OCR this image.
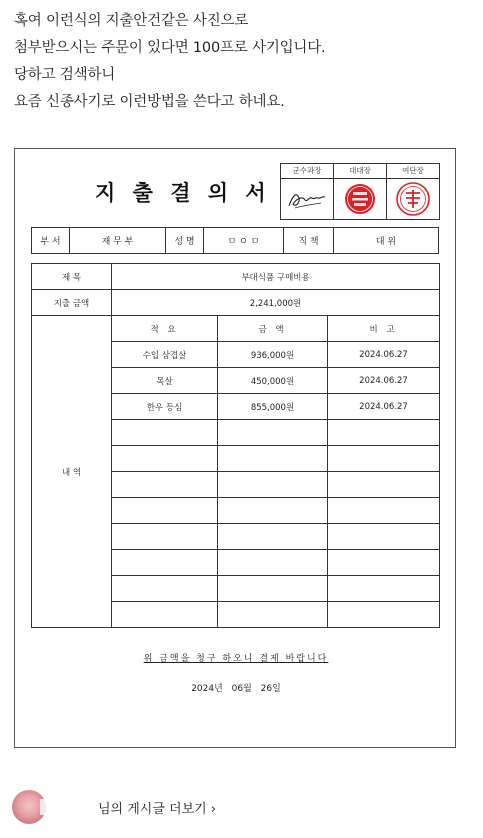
혹여 이런식의 지출안건같은 사진으로

첨부받으시는 주문이 있다면 100프로 사기입니다.

당하고 검색하니

요즘 신종사기로 이런방법을 쓴다고 하네요.

지 출 결 의 서
군수과장	대대장	여단장
부 서	재 무 부	성 명	ㅁ ㅇ ㅁ	직 책	대 위
제 목	부대식품 구매비용		
지출 금액	2,241,000원		
내 역	적 요	금 액	비 고
	수입 삼겹살	936,000원	2024.06.27
	목살	450,000원	2024.06.27
	한우 등심	855,000원	2024.06.27

위 금액을 청구 하오니 결제 바랍니다
2024년 06월 26일
님의 게시글 더보기 ›
